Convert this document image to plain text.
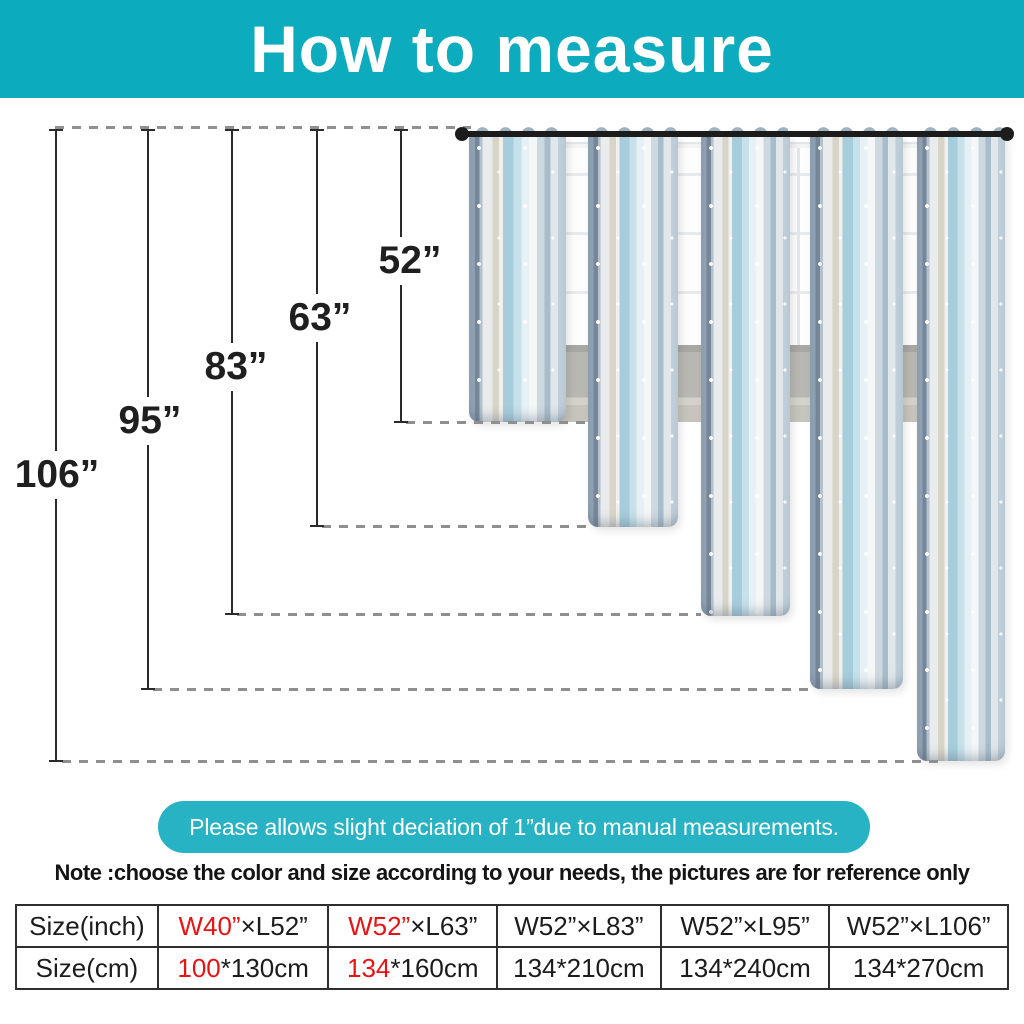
How to measure
106”
95”
83”
63”
52”
Please allows slight deciation of 1”due to manual measurements.
Note :choose the color and size according to your needs, the pictures are for reference only
Size(inch)	W40”×L52”	W52”×L63”	W52”×L83”	W52”×L95”	W52”×L106”
Size(cm)	100*130cm	134*160cm	134*210cm	134*240cm	134*270cm
